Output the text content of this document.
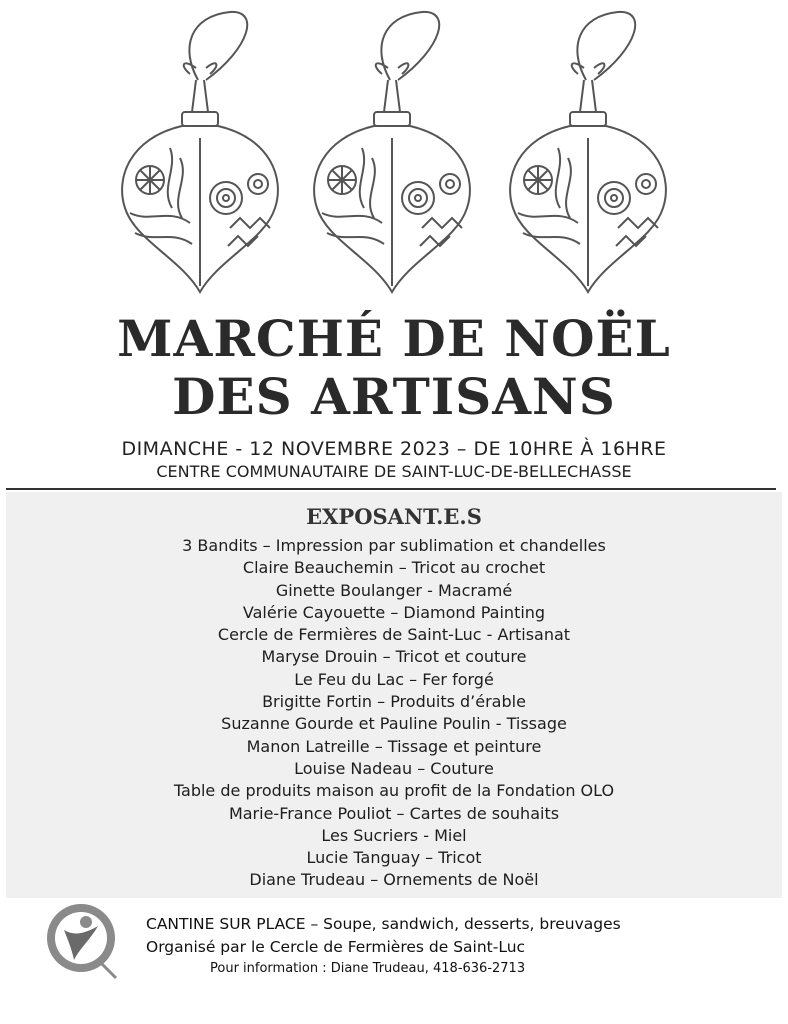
MARCHÉ DE NOËL
DES ARTISANS
DIMANCHE - 12 NOVEMBRE 2023 – DE 10HRE À 16HRE
CENTRE COMMUNAUTAIRE DE SAINT-LUC-DE-BELLECHASSE
EXPOSANT.E.S
3 Bandits – Impression par sublimation et chandelles
Claire Beauchemin – Tricot au crochet
Ginette Boulanger - Macramé
Valérie Cayouette – Diamond Painting
Cercle de Fermières de Saint-Luc - Artisanat
Maryse Drouin – Tricot et couture
Le Feu du Lac – Fer forgé
Brigitte Fortin – Produits d’érable
Suzanne Gourde et Pauline Poulin - Tissage
Manon Latreille – Tissage et peinture
Louise Nadeau – Couture
Table de produits maison au profit de la Fondation OLO
Marie-France Pouliot – Cartes de souhaits
Les Sucriers - Miel
Lucie Tanguay – Tricot
Diane Trudeau – Ornements de Noël
CANTINE SUR PLACE – Soupe, sandwich, desserts, breuvages
Organisé par le Cercle de Fermières de Saint-Luc
Pour information : Diane Trudeau, 418-636-2713
